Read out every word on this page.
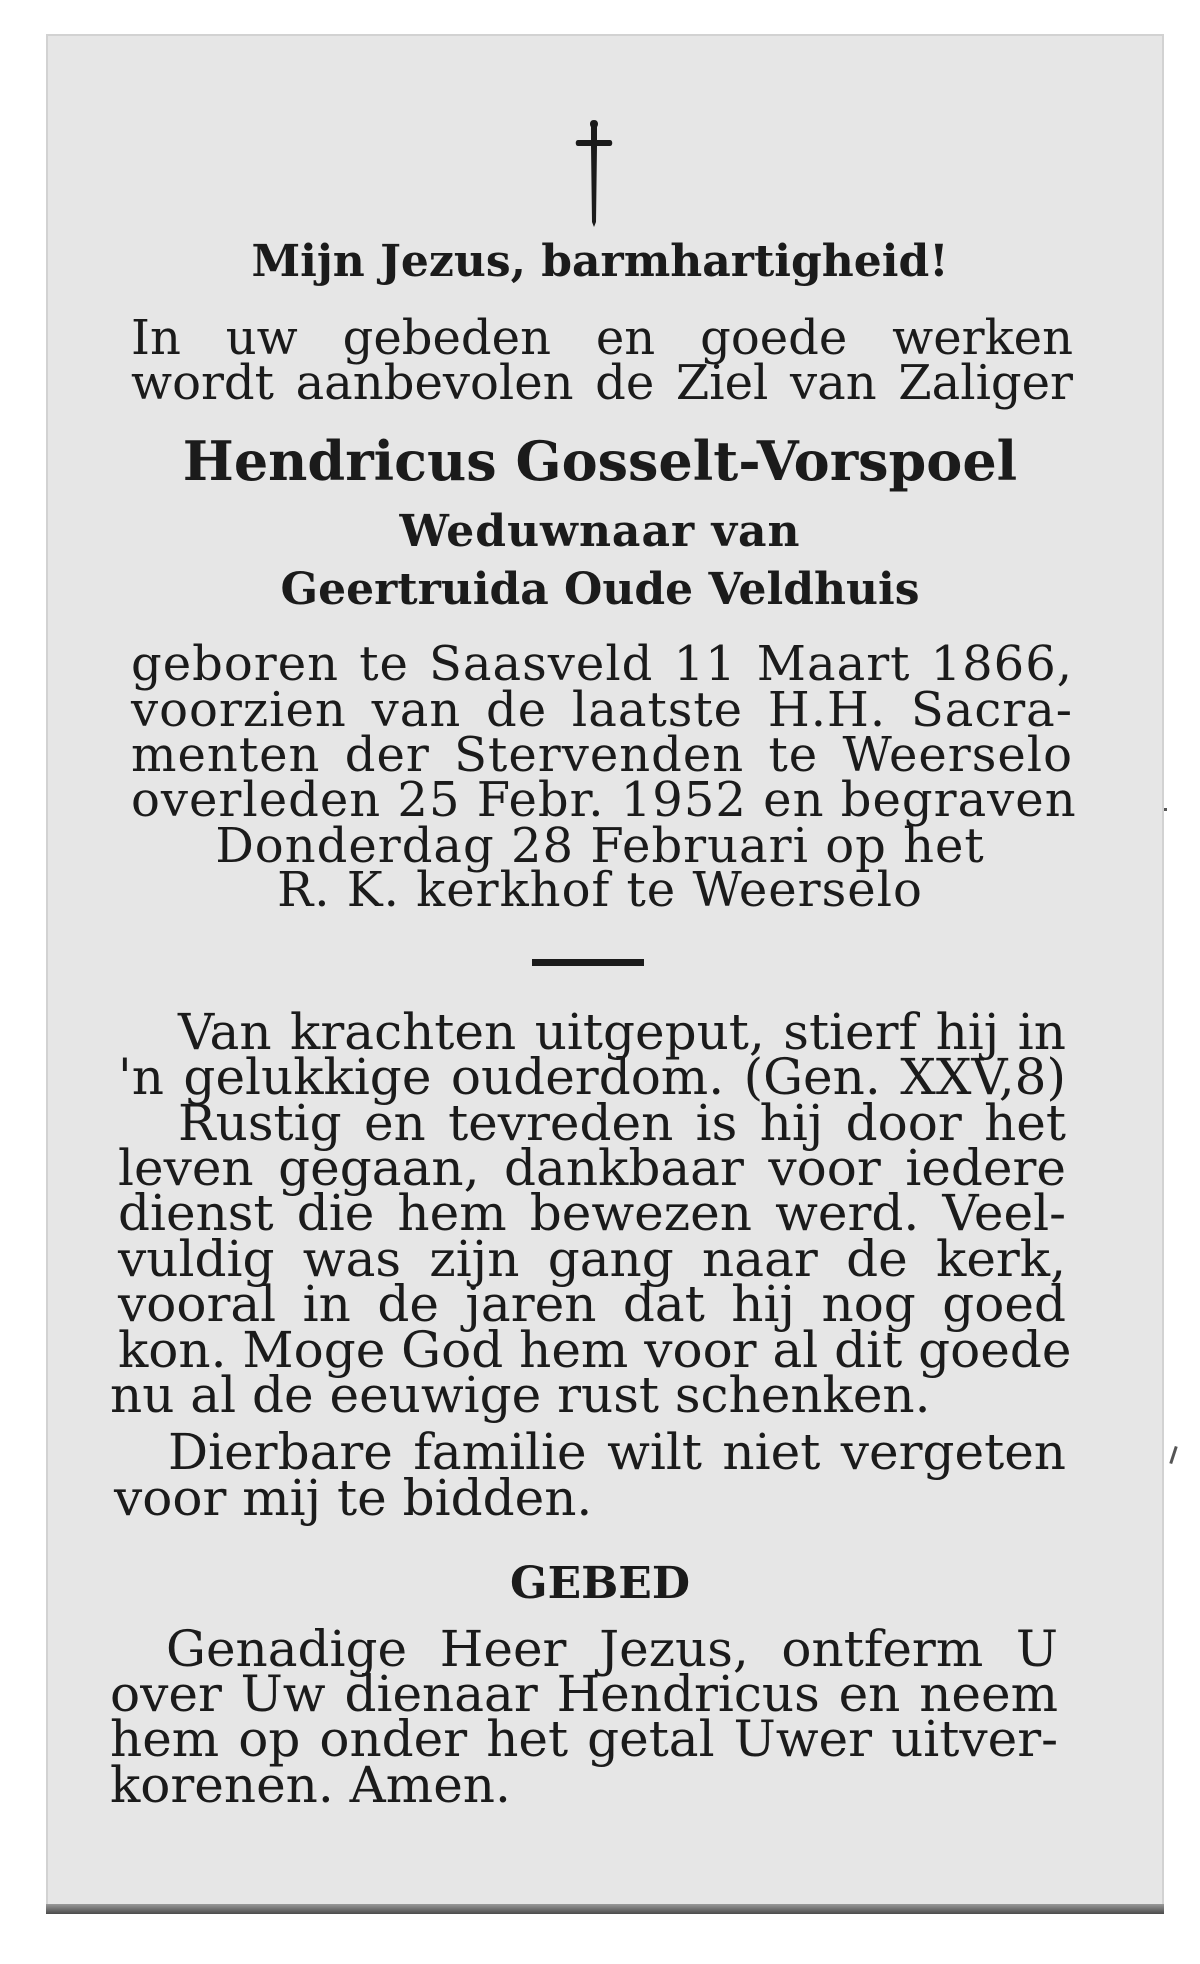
Mijn Jezus, barmhartigheid!
In uw gebeden en goede werken
wordt aanbevolen de Ziel van Zaliger
Hendricus Gosselt-Vorspoel
Weduwnaar van
Geertruida Oude Veldhuis
geboren te Saasveld 11 Maart 1866,
voorzien van de laatste H.H. Sacra-
menten der Stervenden te Weerselo
overleden 25 Febr. 1952 en begraven
Donderdag 28 Februari op het
R. K. kerkhof te Weerselo
Van krachten uitgeput, stierf hij in
'n gelukkige ouderdom. (Gen. XXV,8)
Rustig en tevreden is hij door het
leven gegaan, dankbaar voor iedere
dienst die hem bewezen werd. Veel-
vuldig was zijn gang naar de kerk,
vooral in de jaren dat hij nog goed
kon. Moge God hem voor al dit goede
nu al de eeuwige rust schenken.
Dierbare familie wilt niet vergeten
voor mij te bidden.
GEBED
Genadige Heer Jezus, ontferm U
over Uw dienaar Hendricus en neem
hem op onder het getal Uwer uitver-
korenen. Amen.
